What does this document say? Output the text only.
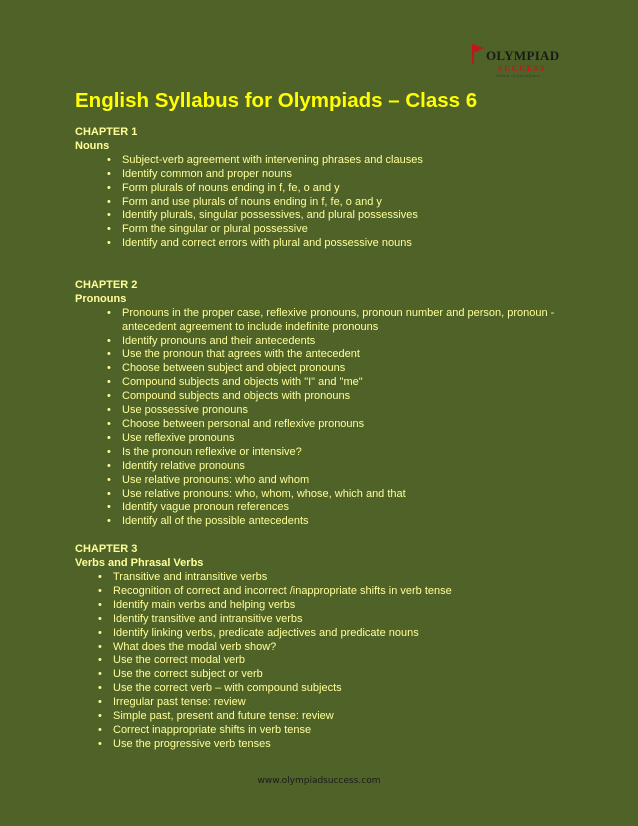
OLYMPIAD
SUCCESS
Ahead of excellence
English Syllabus for Olympiads – Class 6
CHAPTER 1
Nouns
• Subject-verb agreement with intervening phrases and clauses
• Identify common and proper nouns
• Form plurals of nouns ending in f, fe, o and y
• Form and use plurals of nouns ending in f, fe, o and y
• Identify plurals, singular possessives, and plural possessives
• Form the singular or plural possessive
• Identify and correct errors with plural and possessive nouns
CHAPTER 2
Pronouns
• Pronouns in the proper case, reflexive pronouns, pronoun number and person, pronoun -antecedent agreement to include indefinite pronouns
• Identify pronouns and their antecedents
• Use the pronoun that agrees with the antecedent
• Choose between subject and object pronouns
• Compound subjects and objects with "I" and "me"
• Compound subjects and objects with pronouns
• Use possessive pronouns
• Choose between personal and reflexive pronouns
• Use reflexive pronouns
• Is the pronoun reflexive or intensive?
• Identify relative pronouns
• Use relative pronouns: who and whom
• Use relative pronouns: who, whom, whose, which and that
• Identify vague pronoun references
• Identify all of the possible antecedents
CHAPTER 3
Verbs and Phrasal Verbs
• Transitive and intransitive verbs
• Recognition of correct and incorrect /inappropriate shifts in verb tense
• Identify main verbs and helping verbs
• Identify transitive and intransitive verbs
• Identify linking verbs, predicate adjectives and predicate nouns
• What does the modal verb show?
• Use the correct modal verb
• Use the correct subject or verb
• Use the correct verb – with compound subjects
• Irregular past tense: review
• Simple past, present and future tense: review
• Correct inappropriate shifts in verb tense
• Use the progressive verb tenses
www.olympiadsuccess.com
